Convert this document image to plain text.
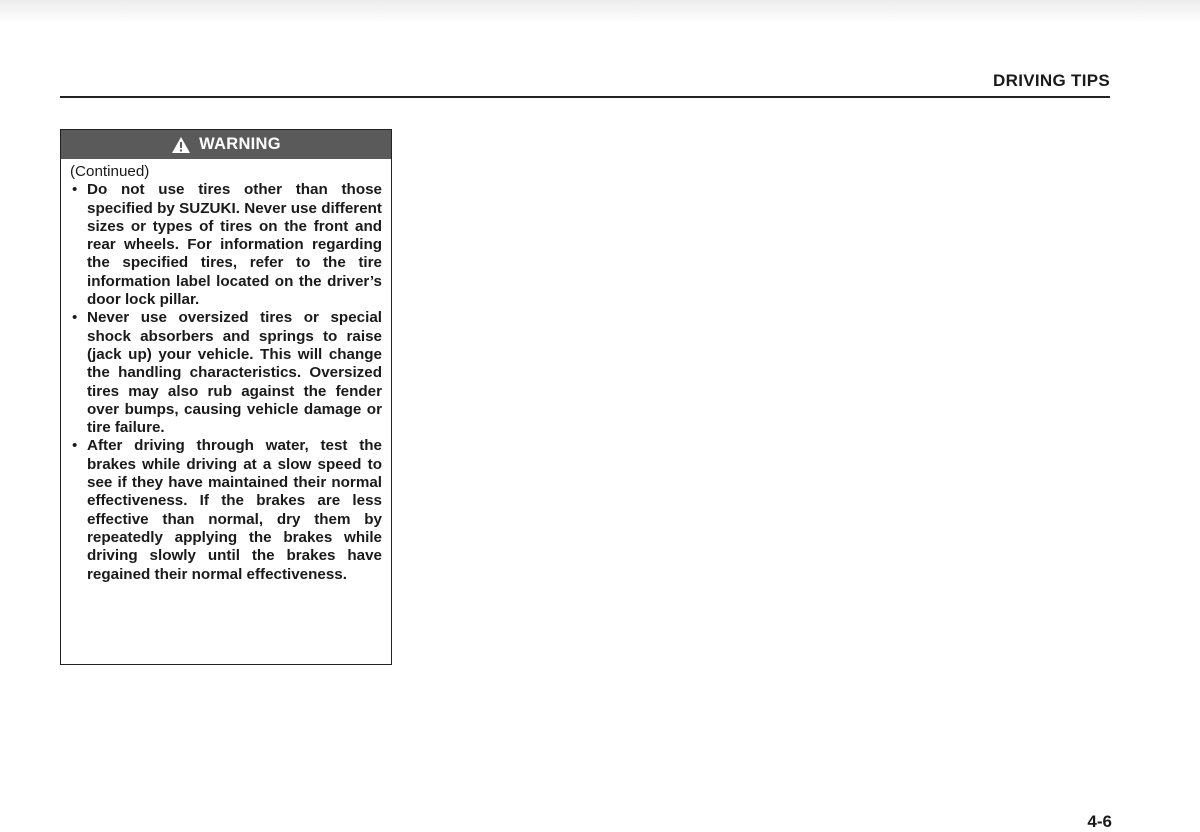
DRIVING TIPS
WARNING
(Continued)
• Do not use tires other than those specified by SUZUKI. Never use different sizes or types of tires on the front and rear wheels. For information regarding the specified tires, refer to the tire information label located on the driver’s door lock pillar.
• Never use oversized tires or special shock absorbers and springs to raise (jack up) your vehicle. This will change the handling characteristics. Oversized tires may also rub against the fender over bumps, causing vehicle damage or tire failure.
• After driving through water, test the brakes while driving at a slow speed to see if they have maintained their normal effectiveness. If the brakes are less effective than normal, dry them by repeatedly applying the brakes while driving slowly until the brakes have regained their normal effectiveness.
4-6
